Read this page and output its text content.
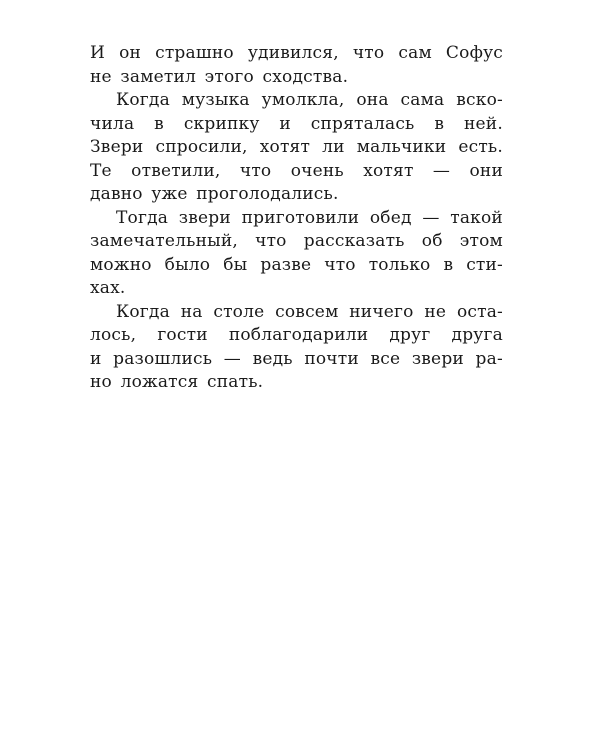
И он страшно удивился, что сам Софус
не заметил этого сходства.
Когда музыка умолкла, она сама вско-
чила в скрипку и спряталась в ней.
Звери спросили, хотят ли мальчики есть.
Те ответили, что очень хотят — они
давно уже проголодались.
Тогда звери приготовили обед — такой
замечательный, что рассказать об этом
можно было бы разве что только в сти-
хах.
Когда на столе совсем ничего не оста-
лось, гости поблагодарили друг друга
и разошлись — ведь почти все звери ра-
но ложатся спать.
